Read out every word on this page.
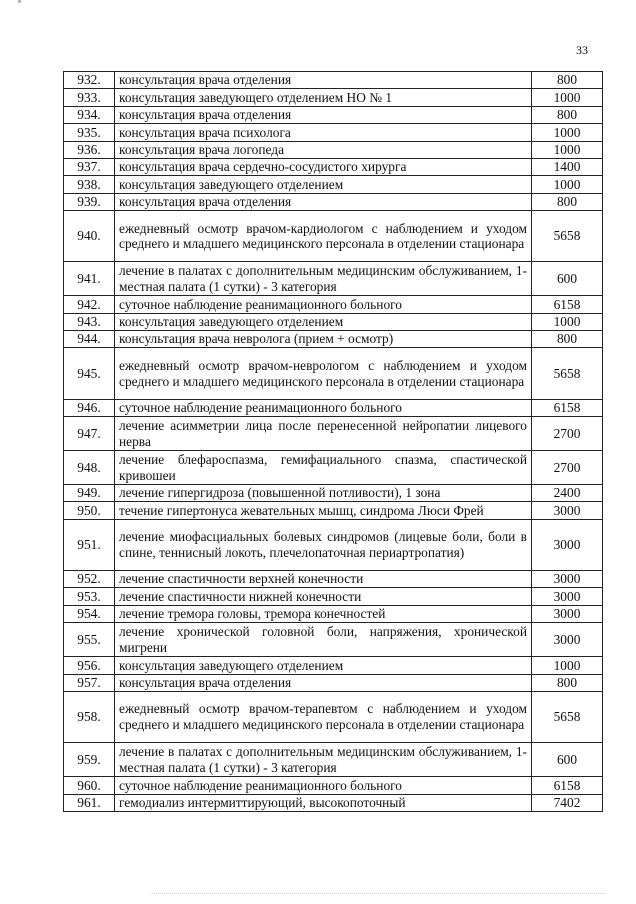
33
932.	консультация врача отделения	800
933.	консультация заведующего отделением НО № 1	1000
934.	консультация врача отделения	800
935.	консультация врача психолога	1000
936.	консультация врача логопеда	1000
937.	консультация врача сердечно-сосудистого хирурга	1400
938.	консультация заведующего отделением	1000
939.	консультация врача отделения	800
940.	ежедневный осмотр врачом-кардиологом с наблюдением и уходом среднего и младшего медицинского персонала в отделении стационара	5658
941.	лечение в палатах с дополнительным медицинским обслуживанием, 1-местная палата (1 сутки) - 3 категория	600
942.	суточное наблюдение реанимационного больного	6158
943.	консультация заведующего отделением	1000
944.	консультация врача невролога (прием + осмотр)	800
945.	ежедневный осмотр врачом-неврологом с наблюдением и уходом среднего и младшего медицинского персонала в отделении стационара	5658
946.	суточное наблюдение реанимационного больного	6158
947.	лечение асимметрии лица после перенесенной нейропатии лицевого нерва	2700
948.	лечение блефароспазма, гемифациального спазма, спастической кривошеи	2700
949.	лечение гипергидроза (повышенной потливости), 1 зона	2400
950.	течение гипертонуса жевательных мышц, синдрома Люси Фрей	3000
951.	лечение миофасциальных болевых синдромов (лицевые боли, боли в спине, теннисный локоть, плечелопаточная периартропатия)	3000
952.	лечение спастичности верхней конечности	3000
953.	лечение спастичности нижней конечности	3000
954.	лечение тремора головы, тремора конечностей	3000
955.	лечение хронической головной боли, напряжения, хронической мигрени	3000
956.	консультация заведующего отделением	1000
957.	консультация врача отделения	800
958.	ежедневный осмотр врачом-терапевтом с наблюдением и уходом среднего и младшего медицинского персонала в отделении стационара	5658
959.	лечение в палатах с дополнительным медицинским обслуживанием, 1-местная палата (1 сутки) - 3 категория	600
960.	суточное наблюдение реанимационного больного	6158
961.	гемодиализ интермиттирующий, высокопоточный	7402
